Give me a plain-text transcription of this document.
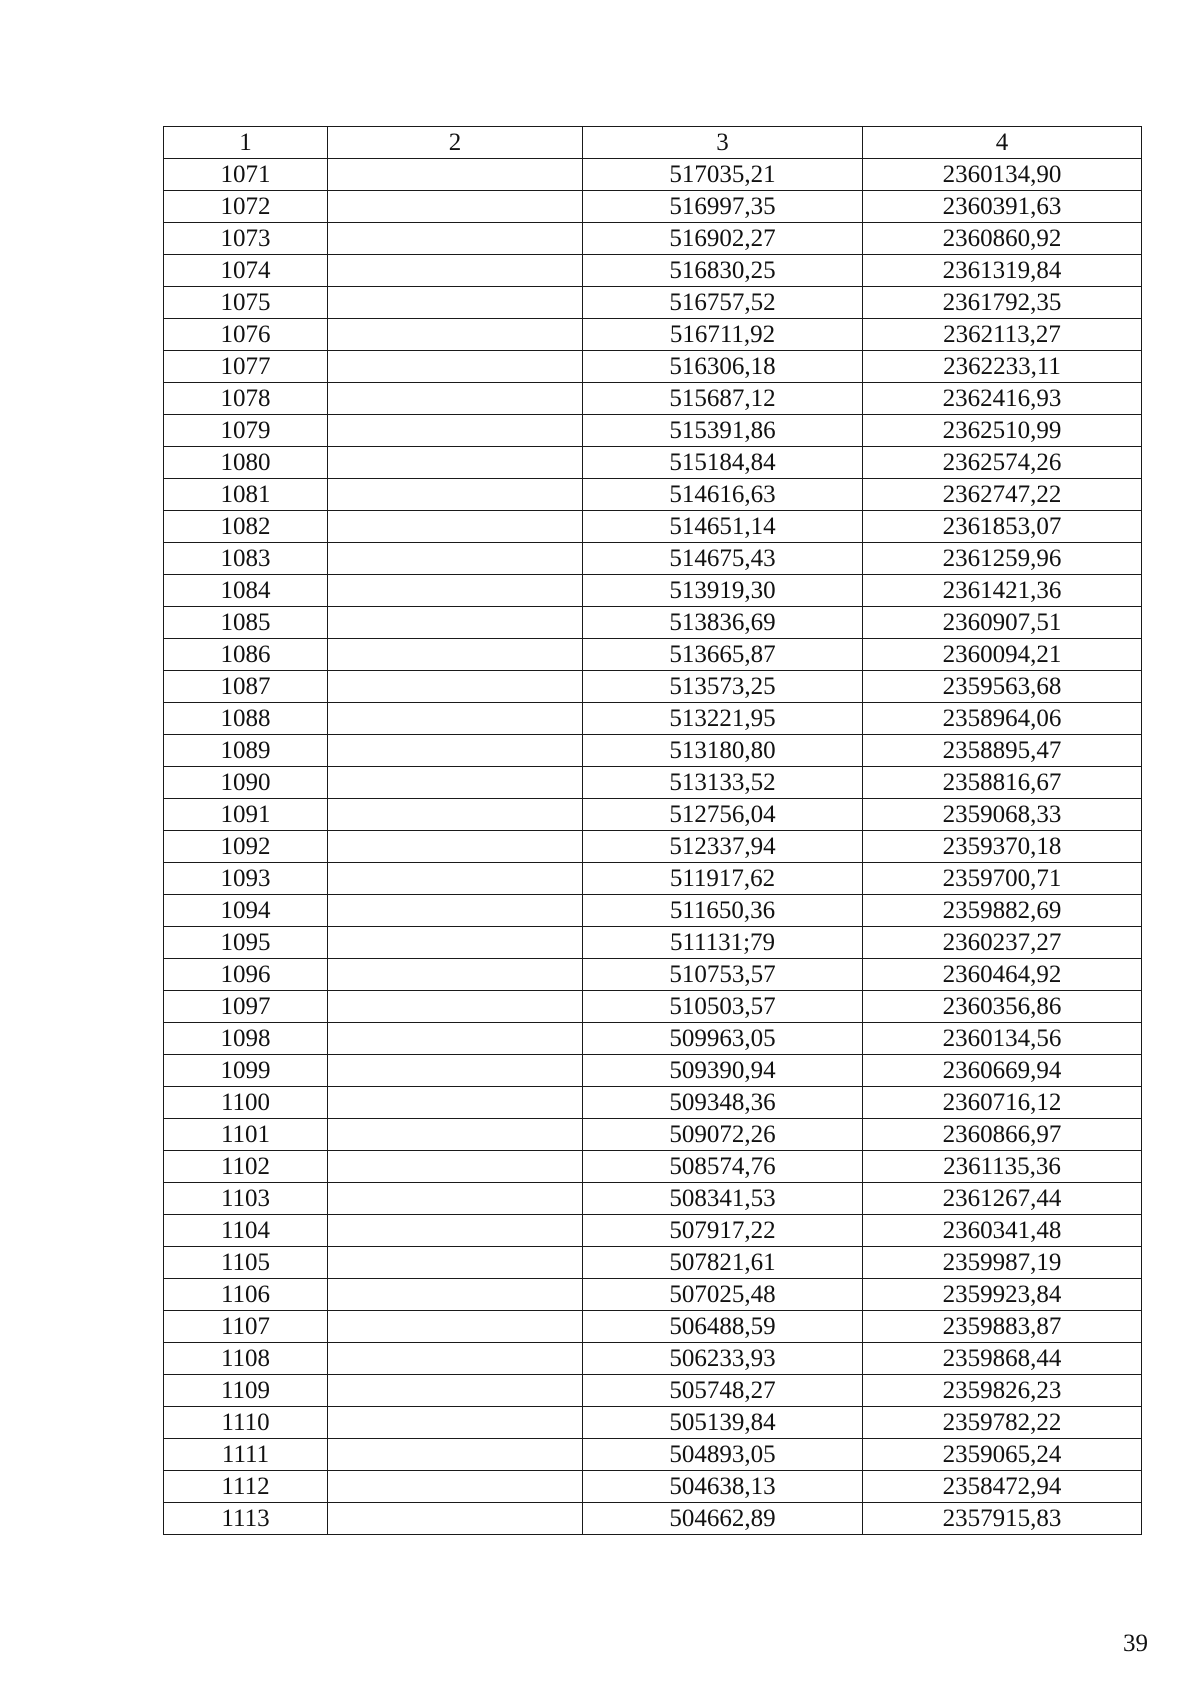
1	2	3	4
1071		517035,21	2360134,90
1072		516997,35	2360391,63
1073		516902,27	2360860,92
1074		516830,25	2361319,84
1075		516757,52	2361792,35
1076		516711,92	2362113,27
1077		516306,18	2362233,11
1078		515687,12	2362416,93
1079		515391,86	2362510,99
1080		515184,84	2362574,26
1081		514616,63	2362747,22
1082		514651,14	2361853,07
1083		514675,43	2361259,96
1084		513919,30	2361421,36
1085		513836,69	2360907,51
1086		513665,87	2360094,21
1087		513573,25	2359563,68
1088		513221,95	2358964,06
1089		513180,80	2358895,47
1090		513133,52	2358816,67
1091		512756,04	2359068,33
1092		512337,94	2359370,18
1093		511917,62	2359700,71
1094		511650,36	2359882,69
1095		511131;79	2360237,27
1096		510753,57	2360464,92
1097		510503,57	2360356,86
1098		509963,05	2360134,56
1099		509390,94	2360669,94
1100		509348,36	2360716,12
1101		509072,26	2360866,97
1102		508574,76	2361135,36
1103		508341,53	2361267,44
1104		507917,22	2360341,48
1105		507821,61	2359987,19
1106		507025,48	2359923,84
1107		506488,59	2359883,87
1108		506233,93	2359868,44
1109		505748,27	2359826,23
1110		505139,84	2359782,22
1111		504893,05	2359065,24
1112		504638,13	2358472,94
1113		504662,89	2357915,83
39
